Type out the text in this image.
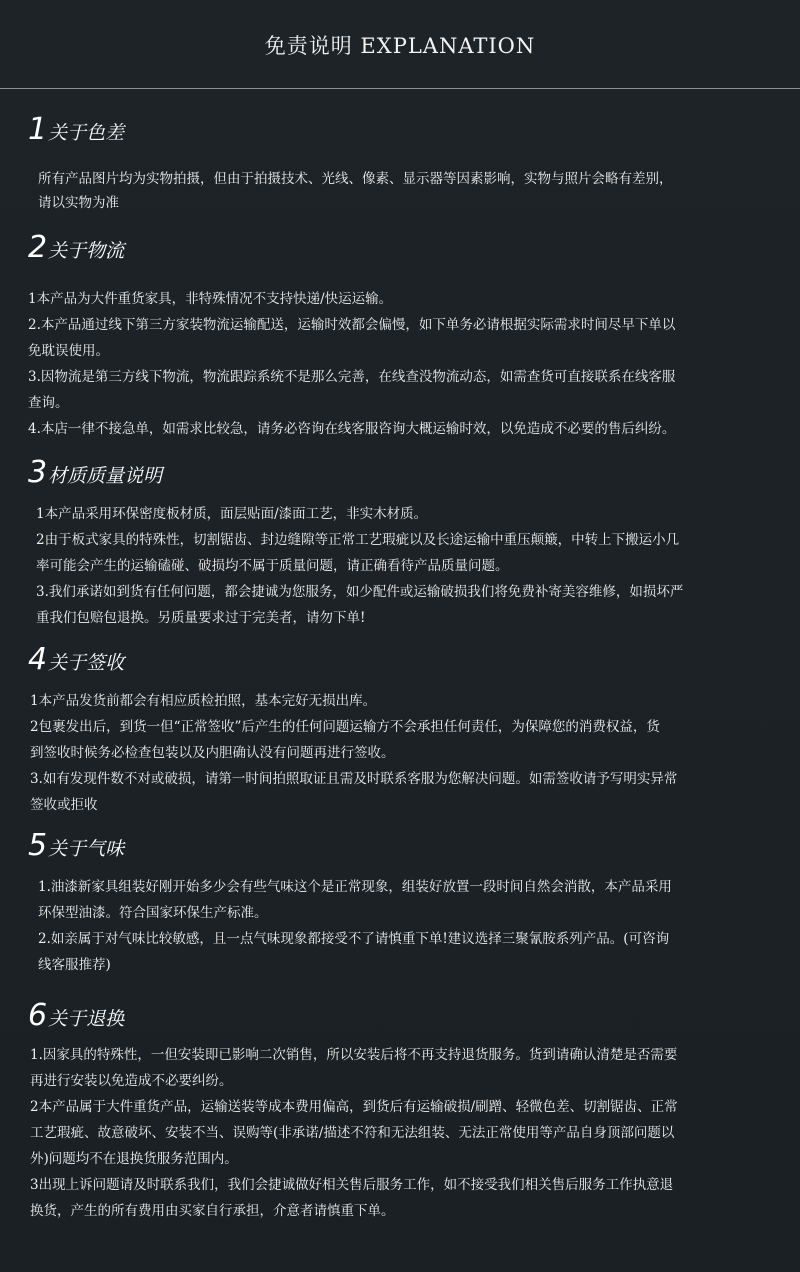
免责说明 EXPLANATION
1关于色差
所有产品图片均为实物拍摄，但由于拍摄技术、光线、像素、显示器等因素影响，实物与照片会略有差别，
请以实物为准
2关于物流
1本产品为大件重货家具，非特殊情况不支持快递/快运运输。
2.本产品通过线下第三方家装物流运输配送，运输时效都会偏慢，如下单务必请根据实际需求时间尽早下单以
免耽误使用。
3.因物流是第三方线下物流，物流跟踪系统不是那么完善，在线查没物流动态，如需查货可直接联系在线客服
查询。
4.本店一律不接急单，如需求比较急，请务必咨询在线客服咨询大概运输时效，以免造成不必要的售后纠纷。
3材质质量说明
1本产品采用环保密度板材质，面层贴面/漆面工艺，非实木材质。
2由于板式家具的特殊性，切割锯齿、封边缝隙等正常工艺瑕疵以及长途运输中重压颠簸，中转上下搬运小几
率可能会产生的运输磕碰、破损均不属于质量问题，请正确看待产品质量问题。
3.我们承诺如到货有任何问题，都会捷诚为您服务，如少配件或运输破损我们将免费补寄美容维修，如损坏严
重我们包赔包退换。另质量要求过于完美者，请勿下单!
4关于签收
1本产品发货前都会有相应质检拍照，基本完好无损出库。
2包裹发出后，到货一但“正常签收”后产生的任何问题运输方不会承担任何责任，为保障您的消费权益，货
到签收时候务必检查包装以及内胆确认没有问题再进行签收。
3.如有发现件数不对或破损，请第一时间拍照取证且需及时联系客服为您解决问题。如需签收请予写明实异常
签收或拒收
5关于气味
1.油漆新家具组装好刚开始多少会有些气味这个是正常现象，组装好放置一段时间自然会消散，本产品采用
环保型油漆。符合国家环保生产标准。
2.如亲属于对气味比较敏感，且一点气味现象都接受不了请慎重下单!建议选择三聚氰胺系列产品。(可咨询
线客服推荐)
6关于退换
1.因家具的特殊性，一但安装即已影响二次销售，所以安装后将不再支持退货服务。货到请确认清楚是否需要
再进行安装以免造成不必要纠纷。
2本产品属于大件重货产品，运输送装等成本费用偏高，到货后有运输破损/刷蹭、轻微色差、切割锯齿、正常
工艺瑕疵、故意破坏、安装不当、误购等(非承诺/描述不符和无法组装、无法正常使用等产品自身顶部问题以
外)问题均不在退换货服务范围内。
3出现上诉问题请及时联系我们，我们会捷诚做好相关售后服务工作，如不接受我们相关售后服务工作执意退
换货，产生的所有费用由买家自行承担，介意者请慎重下单。
